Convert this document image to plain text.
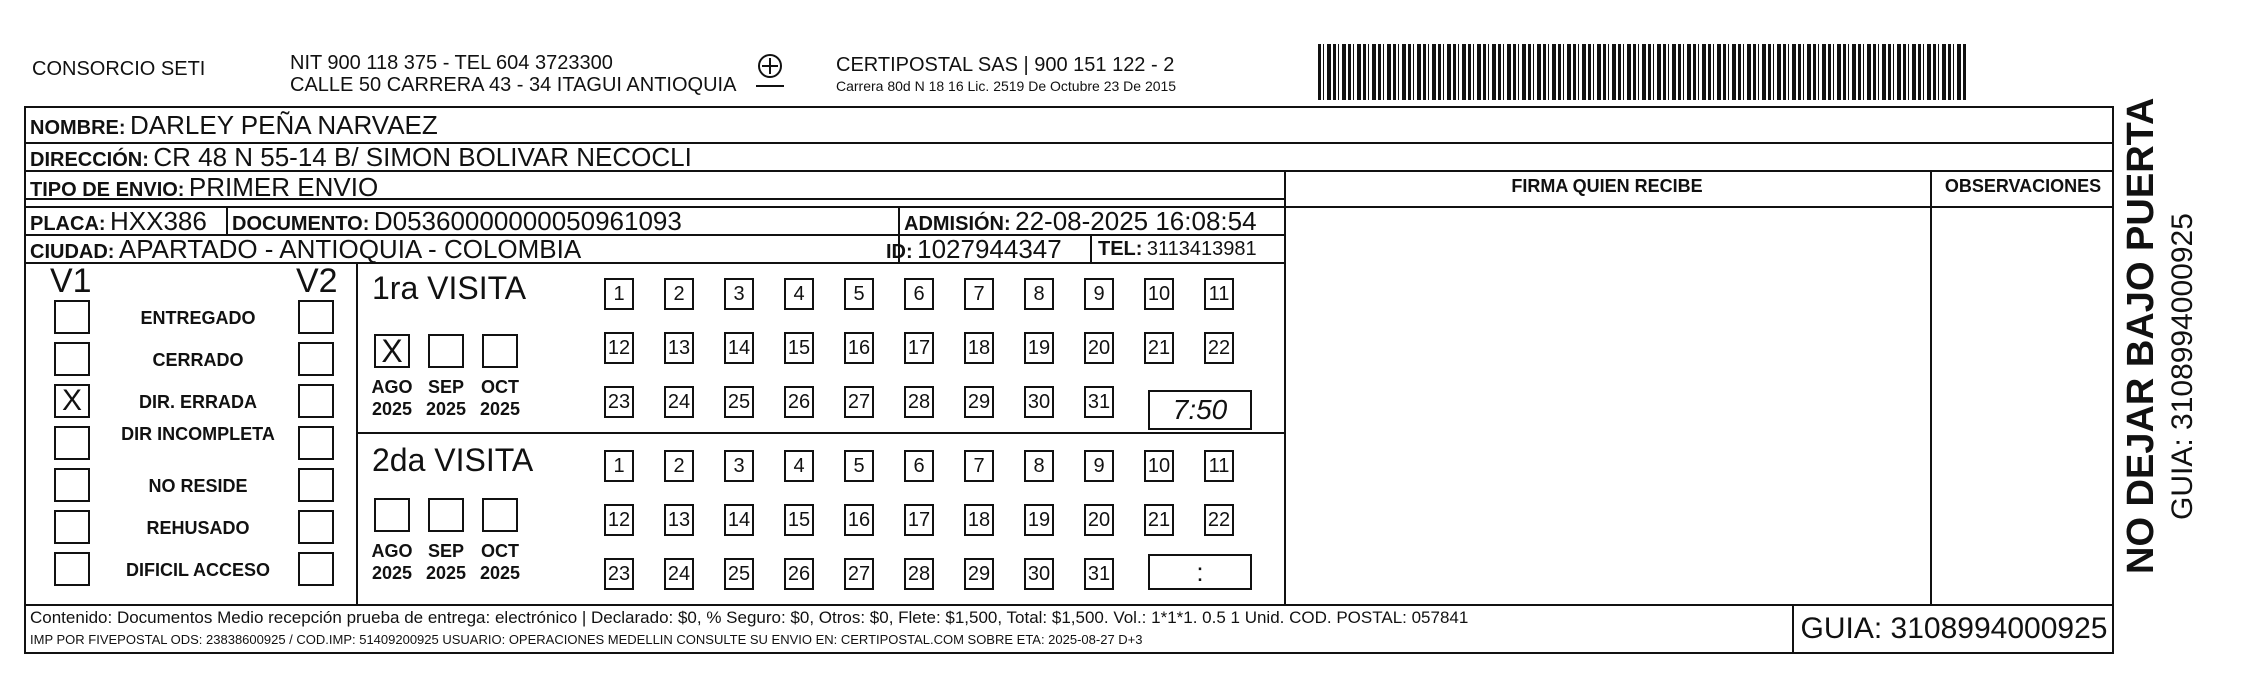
CONSORCIO SETI	NIT 900 118 375 - TEL 604 3723300
CALLE 50 CARRERA 43 - 34 ITAGUI ANTIOQUIA
CERTIPOSTAL SAS | 900 151 122 - 2
Carrera 80d N 18 16 Lic. 2519 De Octubre 23 De 2015
NOMBRE: DARLEY PEÑA NARVAEZ
DIRECCIÓN: CR 48 N 55-14 B/ SIMON BOLIVAR NECOCLI
TIPO DE ENVIO: PRIMER ENVIO	FIRMA QUIEN RECIBE	OBSERVACIONES
PLACA: HXX386 DOCUMENTO: D05360000000050961093	ADMISIÓN: 22-08-2025 16:08:54
CIUDAD: APARTADO - ANTIOQUIA - COLOMBIA	ID: 1027944347 TEL: 3113413981
V1	V2
ENTREGADO
CERRADO
X	DIR. ERRADA
DIR INCOMPLETA
NO RESIDE
REHUSADO
DIFICIL ACCESO
1ra VISITA
2da VISITA
X
AGO
2025
SEP
2025
OCT
2025
AGO
2025
SEP
2025
OCT
2025
1	2	3	4	5	6	7	8	9	10 11
12 13 14 15 16 17 18 19 20 21 22
23 24 25 26 27 28 29 30 31
1	2	3	4	5	6	7	8	9	10 11
12 13 14 15 16 17 18 19 20 21 22
23 24 25 26 27 28 29 30 31
7:50
:
Contenido: Documentos Medio recepción prueba de entrega: electrónico | Declarado: $0, % Seguro: $0, Otros: $0, Flete: $1,500, Total: $1,500. Vol.: 1*1*1. 0.5 1 Unid. COD. POSTAL: 057841
IMP POR FIVEPOSTAL ODS: 23838600925 / COD.IMP: 51409200925 USUARIO: OPERACIONES MEDELLIN CONSULTE SU ENVIO EN: CERTIPOSTAL.COM SOBRE ETA: 2025-08-27 D+3	GUIA: 3108994000925
NO DEJAR BAJO PUERTA GUIA: 3108994000925
